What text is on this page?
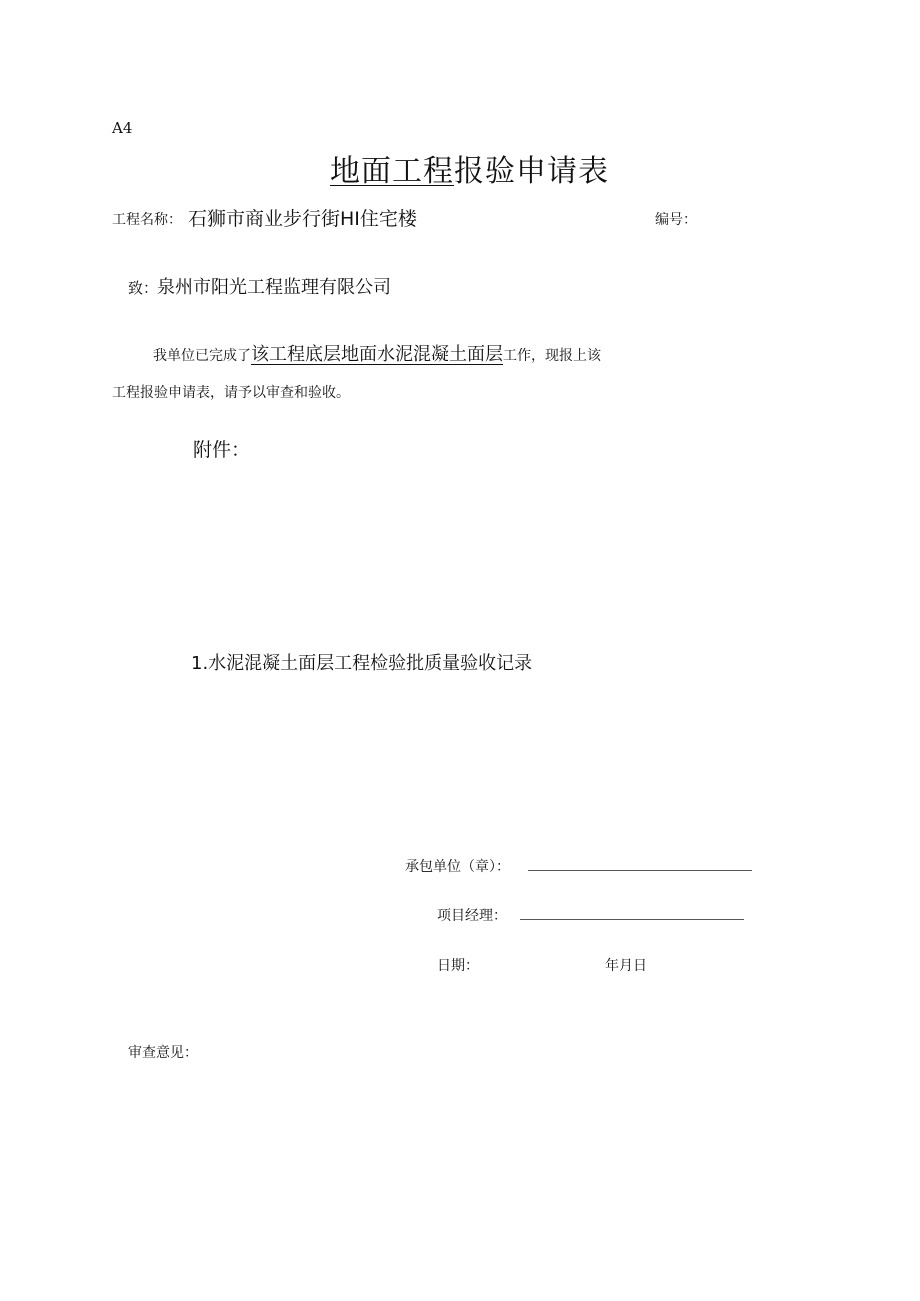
A4
地面工程报验申请表
工程名称： 石狮市商业步行街HI住宅楼	编号：
致：
泉州市阳光工程监理有限公司
我单位已完成了该工程底层地面水泥混凝土面层工作，现报上该
工程报验申请表，请予以审查和验收。
附件：
1.水泥混凝土面层工程检验批质量验收记录
承包单位（章）：
项目经理：
日期：	年月日
审查意见：
